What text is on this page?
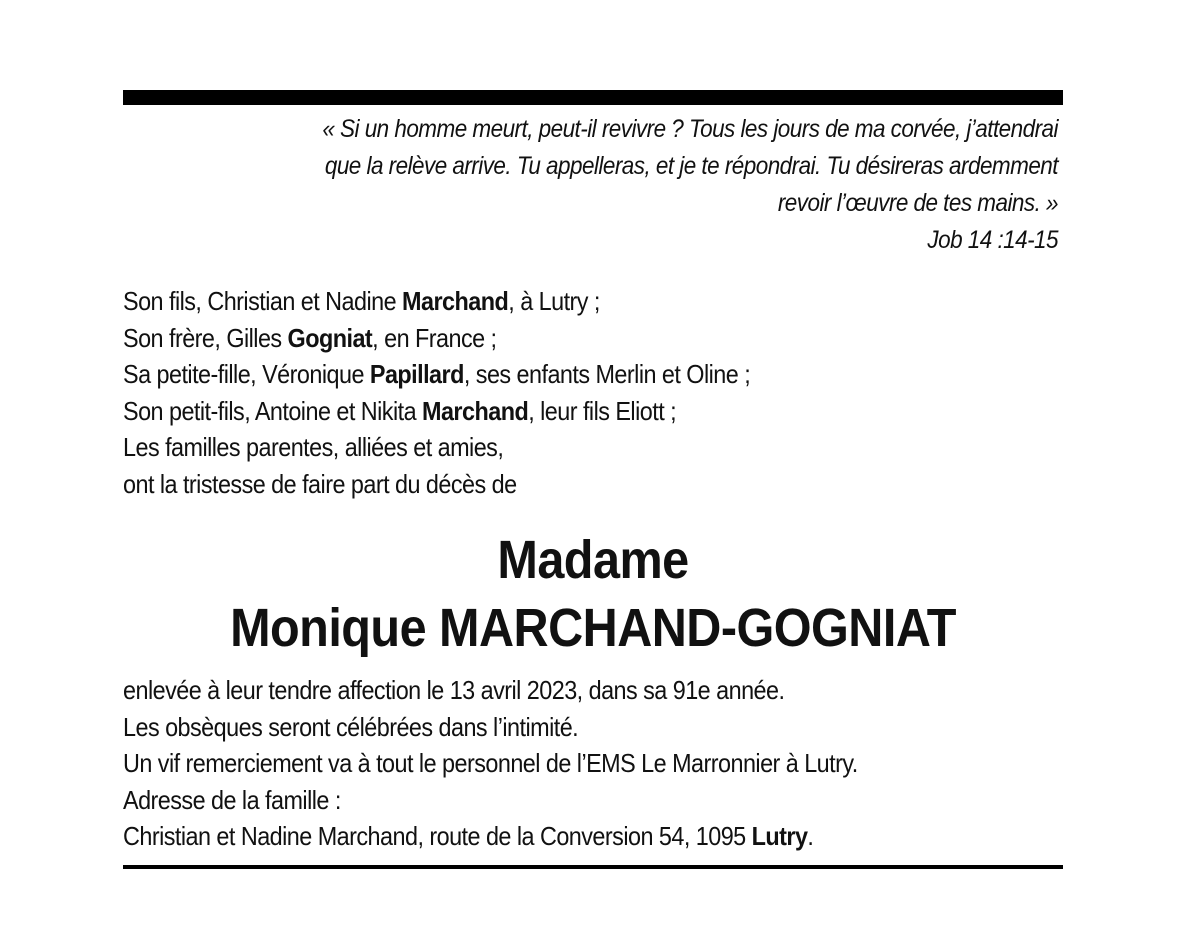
« Si un homme meurt, peut-il revivre ? Tous les jours de ma corvée, j’attendrai
que la relève arrive. Tu appelleras, et je te répondrai. Tu désireras ardemment
revoir l’œuvre de tes mains. »
Job 14 :14-15
Son fils, Christian et Nadine Marchand, à Lutry ;
Son frère, Gilles Gogniat, en France ;
Sa petite-fille, Véronique Papillard, ses enfants Merlin et Oline ;
Son petit-fils, Antoine et Nikita Marchand, leur fils Eliott ;
Les familles parentes, alliées et amies,
ont la tristesse de faire part du décès de
Madame
Monique MARCHAND-GOGNIAT
enlevée à leur tendre affection le 13 avril 2023, dans sa 91e année.
Les obsèques seront célébrées dans l’intimité.
Un vif remerciement va à tout le personnel de l’EMS Le Marronnier à Lutry.
Adresse de la famille :
Christian et Nadine Marchand, route de la Conversion 54, 1095 Lutry.
